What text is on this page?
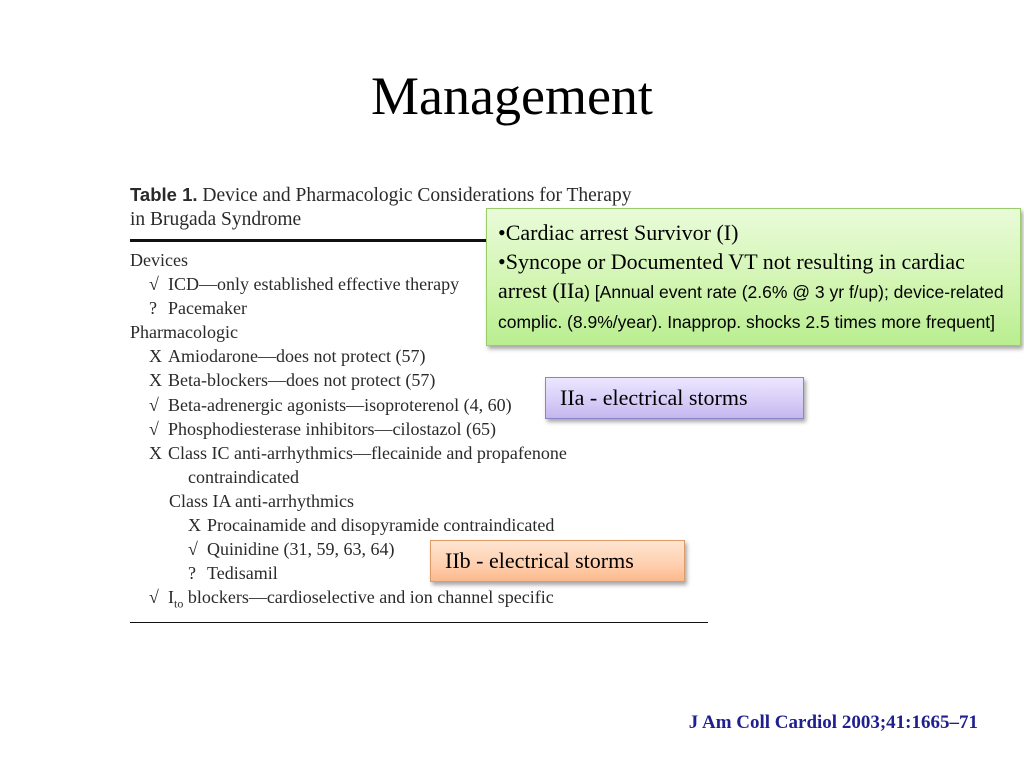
Management
Table 1. Device and Pharmacologic Considerations for Therapy
in Brugada Syndrome
Devices
√ ICD—only established effective therapy
? Pacemaker
Pharmacologic
X Amiodarone—does not protect (57)
X Beta-blockers—does not protect (57)
√ Beta-adrenergic agonists—isoproterenol (4, 60)
√ Phosphodiesterase inhibitors—cilostazol (65)
X Class IC anti-arrhythmics—flecainide and propafenone
contraindicated
Class IA anti-arrhythmics
X Procainamide and disopyramide contraindicated
√ Quinidine (31, 59, 63, 64)
? Tedisamil
√ $I_{to}$ blockers—cardioselective and ion channel specific
•Cardiac arrest Survivor (I)
•Syncope or Documented VT not resulting in cardiac arrest (IIa) [Annual event rate (2.6% @ 3 yr f/up); device-related complic. (8.9%/year). Inapprop. shocks 2.5 times more frequent]
IIa - electrical storms
IIb - electrical storms
J Am Coll Cardiol 2003;41:1665–71
